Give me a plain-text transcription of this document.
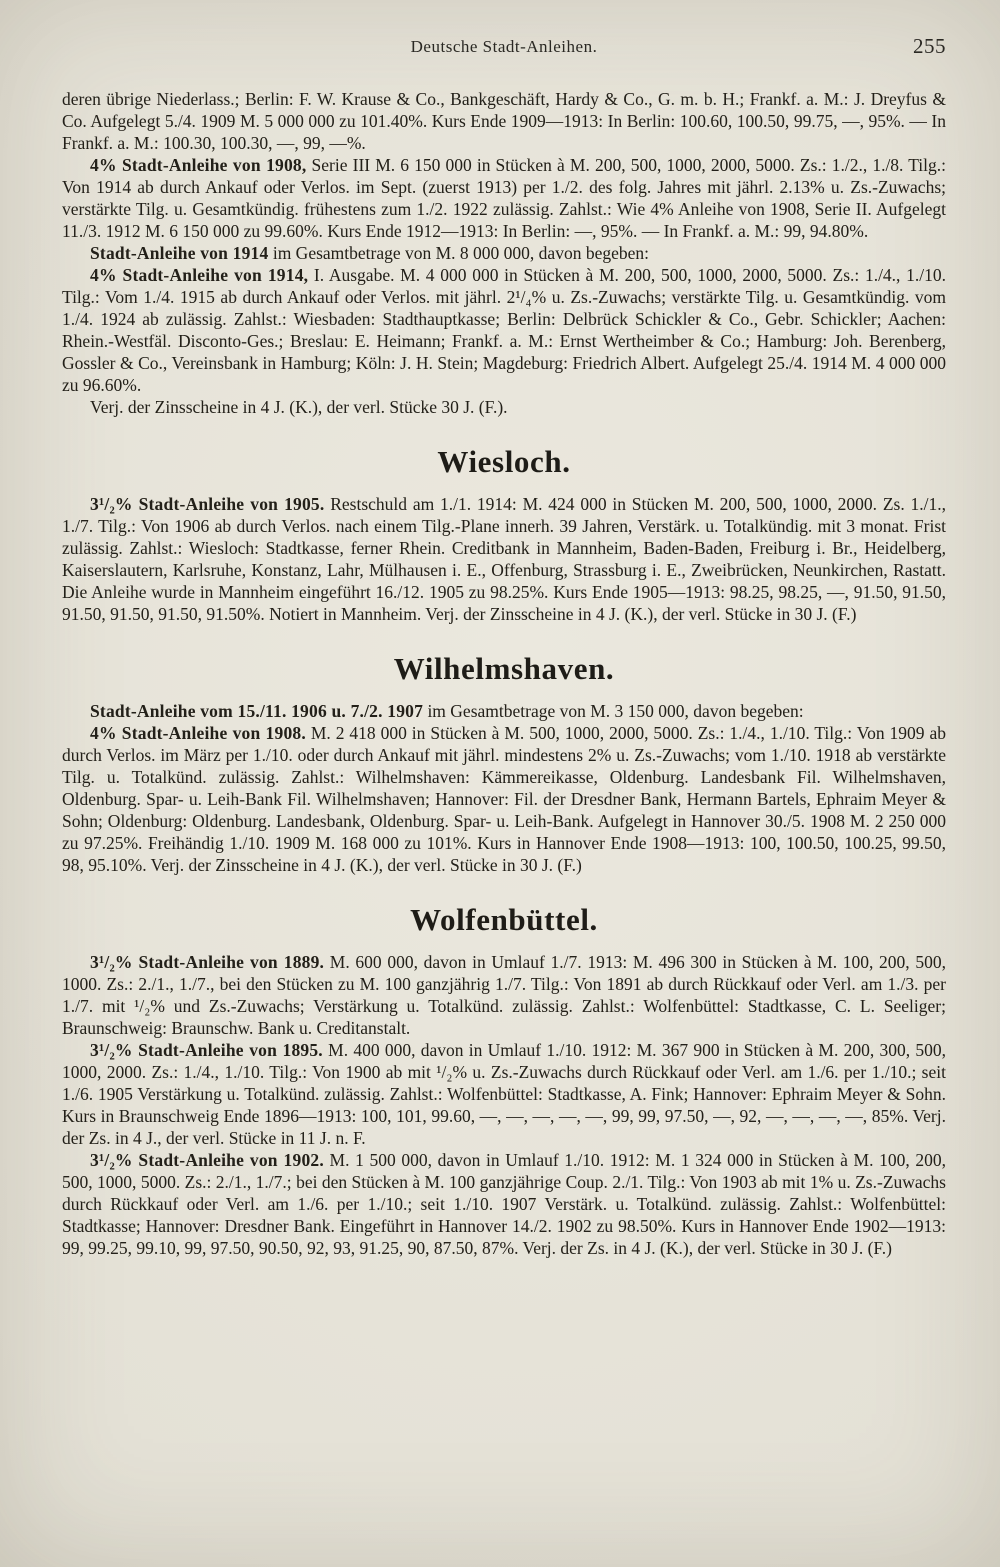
Deutsche Stadt-Anleihen.	255

deren übrige Niederlass.; Berlin: F. W. Krause & Co., Bankgeschäft, Hardy & Co., G. m. b. H.; Frankf. a. M.: J. Dreyfus & Co. Aufgelegt 5./4. 1909 M. 5 000 000 zu 101.40%. Kurs Ende 1909—1913: In Berlin: 100.60, 100.50, 99.75, —, 95%. — In Frankf. a. M.: 100.30, 100.30, —, 99, —%.

4% Stadt-Anleihe von 1908, Serie III M. 6 150 000 in Stücken à M. 200, 500, 1000, 2000, 5000. Zs.: 1./2., 1./8. Tilg.: Von 1914 ab durch Ankauf oder Verlos. im Sept. (zuerst 1913) per 1./2. des folg. Jahres mit jährl. 2.13% u. Zs.-Zuwachs; verstärkte Tilg. u. Gesamtkündig. frühestens zum 1./2. 1922 zulässig. Zahlst.: Wie 4% Anleihe von 1908, Serie II. Aufgelegt 11./3. 1912 M. 6 150 000 zu 99.60%. Kurs Ende 1912—1913: In Berlin: —, 95%. — In Frankf. a. M.: 99, 94.80%.

Stadt-Anleihe von 1914 im Gesamtbetrage von M. 8 000 000, davon begeben:

4% Stadt-Anleihe von 1914, I. Ausgabe. M. 4 000 000 in Stücken à M. 200, 500, 1000, 2000, 5000. Zs.: 1./4., 1./10. Tilg.: Vom 1./4. 1915 ab durch Ankauf oder Verlos. mit jährl. 2¹/₄% u. Zs.-Zuwachs; verstärkte Tilg. u. Gesamtkündig. vom 1./4. 1924 ab zulässig. Zahlst.: Wiesbaden: Stadthauptkasse; Berlin: Delbrück Schickler & Co., Gebr. Schickler; Aachen: Rhein.-Westfäl. Disconto-Ges.; Breslau: E. Heimann; Frankf. a. M.: Ernst Wertheimber & Co.; Hamburg: Joh. Berenberg, Gossler & Co., Vereinsbank in Hamburg; Köln: J. H. Stein; Magdeburg: Friedrich Albert. Aufgelegt 25./4. 1914 M. 4 000 000 zu 96.60%.

Verj. der Zinsscheine in 4 J. (K.), der verl. Stücke 30 J. (F.).

Wiesloch.

3¹/₂% Stadt-Anleihe von 1905. Restschuld am 1./1. 1914: M. 424 000 in Stücken M. 200, 500, 1000, 2000. Zs. 1./1., 1./7. Tilg.: Von 1906 ab durch Verlos. nach einem Tilg.-Plane innerh. 39 Jahren, Verstärk. u. Totalkündig. mit 3 monat. Frist zulässig. Zahlst.: Wiesloch: Stadtkasse, ferner Rhein. Creditbank in Mannheim, Baden-Baden, Freiburg i. Br., Heidelberg, Kaiserslautern, Karlsruhe, Konstanz, Lahr, Mülhausen i. E., Offenburg, Strassburg i. E., Zweibrücken, Neunkirchen, Rastatt. Die Anleihe wurde in Mannheim eingeführt 16./12. 1905 zu 98.25%. Kurs Ende 1905—1913: 98.25, 98.25, —, 91.50, 91.50, 91.50, 91.50, 91.50, 91.50%. Notiert in Mannheim. Verj. der Zinsscheine in 4 J. (K.), der verl. Stücke in 30 J. (F.)

Wilhelmshaven.

Stadt-Anleihe vom 15./11. 1906 u. 7./2. 1907 im Gesamtbetrage von M. 3 150 000, davon begeben:

4% Stadt-Anleihe von 1908. M. 2 418 000 in Stücken à M. 500, 1000, 2000, 5000. Zs.: 1./4., 1./10. Tilg.: Von 1909 ab durch Verlos. im März per 1./10. oder durch Ankauf mit jährl. mindestens 2% u. Zs.-Zuwachs; vom 1./10. 1918 ab verstärkte Tilg. u. Totalkünd. zulässig. Zahlst.: Wilhelmshaven: Kämmereikasse, Oldenburg. Landesbank Fil. Wilhelmshaven, Oldenburg. Spar- u. Leih-Bank Fil. Wilhelmshaven; Hannover: Fil. der Dresdner Bank, Hermann Bartels, Ephraim Meyer & Sohn; Oldenburg: Oldenburg. Landesbank, Oldenburg. Spar- u. Leih-Bank. Aufgelegt in Hannover 30./5. 1908 M. 2 250 000 zu 97.25%. Freihändig 1./10. 1909 M. 168 000 zu 101%. Kurs in Hannover Ende 1908—1913: 100, 100.50, 100.25, 99.50, 98, 95.10%. Verj. der Zinsscheine in 4 J. (K.), der verl. Stücke in 30 J. (F.)

Wolfenbüttel.

3¹/₂% Stadt-Anleihe von 1889. M. 600 000, davon in Umlauf 1./7. 1913: M. 496 300 in Stücken à M. 100, 200, 500, 1000. Zs.: 2./1., 1./7., bei den Stücken zu M. 100 ganzjährig 1./7. Tilg.: Von 1891 ab durch Rückkauf oder Verl. am 1./3. per 1./7. mit ¹/₂% und Zs.-Zuwachs; Verstärkung u. Totalkünd. zulässig. Zahlst.: Wolfenbüttel: Stadtkasse, C. L. Seeliger; Braunschweig: Braunschw. Bank u. Creditanstalt.

3¹/₂% Stadt-Anleihe von 1895. M. 400 000, davon in Umlauf 1./10. 1912: M. 367 900 in Stücken à M. 200, 300, 500, 1000, 2000. Zs.: 1./4., 1./10. Tilg.: Von 1900 ab mit ¹/₂% u. Zs.-Zuwachs durch Rückkauf oder Verl. am 1./6. per 1./10.; seit 1./6. 1905 Verstärkung u. Totalkünd. zulässig. Zahlst.: Wolfenbüttel: Stadtkasse, A. Fink; Hannover: Ephraim Meyer & Sohn. Kurs in Braunschweig Ende 1896—1913: 100, 101, 99.60, —, —, —, —, —, 99, 99, 97.50, —, 92, —, —, —, —, 85%. Verj. der Zs. in 4 J., der verl. Stücke in 11 J. n. F.

3¹/₂% Stadt-Anleihe von 1902. M. 1 500 000, davon in Umlauf 1./10. 1912: M. 1 324 000 in Stücken à M. 100, 200, 500, 1000, 5000. Zs.: 2./1., 1./7.; bei den Stücken à M. 100 ganzjährige Coup. 2./1. Tilg.: Von 1903 ab mit 1% u. Zs.-Zuwachs durch Rückkauf oder Verl. am 1./6. per 1./10.; seit 1./10. 1907 Verstärk. u. Totalkünd. zulässig. Zahlst.: Wolfenbüttel: Stadtkasse; Hannover: Dresdner Bank. Eingeführt in Hannover 14./2. 1902 zu 98.50%. Kurs in Hannover Ende 1902—1913: 99, 99.25, 99.10, 99, 97.50, 90.50, 92, 93, 91.25, 90, 87.50, 87%. Verj. der Zs. in 4 J. (K.), der verl. Stücke in 30 J. (F.)
